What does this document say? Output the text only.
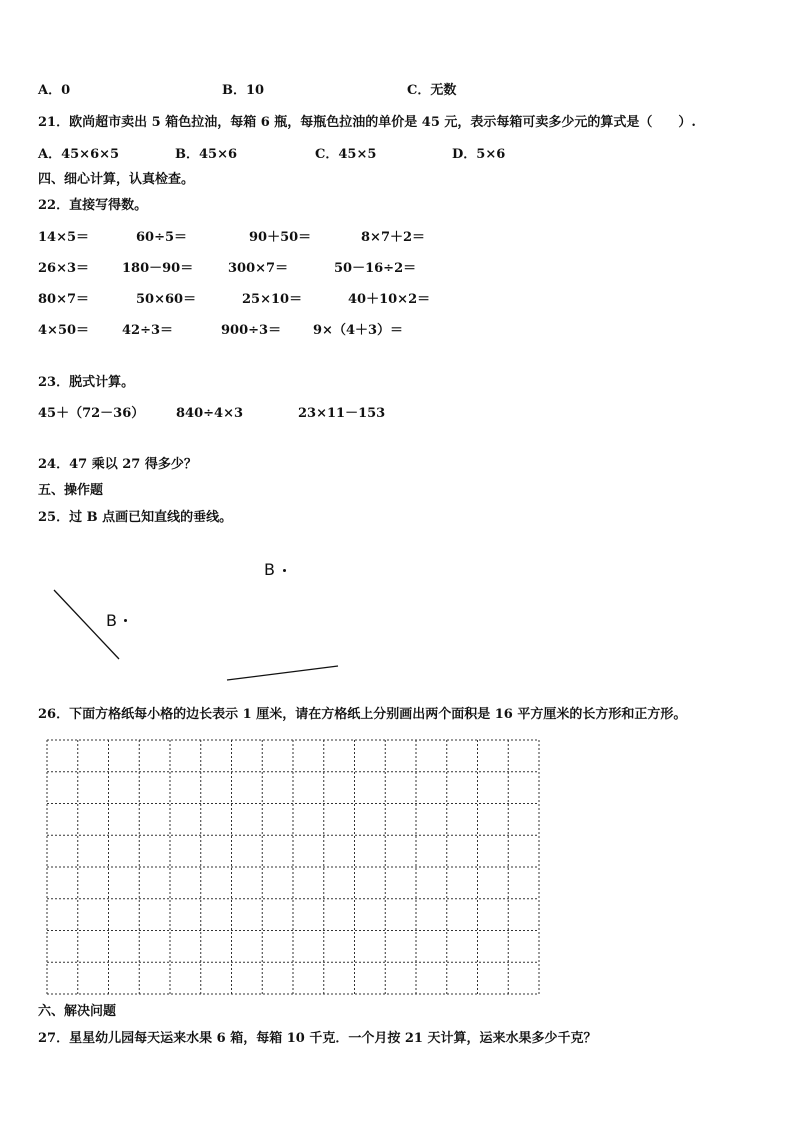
A．0	B．10	C．无数
21．欧尚超市卖出 5 箱色拉油，每箱 6 瓶，每瓶色拉油的单价是 45 元，表示每箱可卖多少元的算式是（　　）.
A．45×6×5	B．45×6	C．45×5	D．5×6
四、细心计算，认真检查。
22．直接写得数。
14×5＝	60÷5＝	90＋50＝	8×7＋2＝
26×3＝	180－90＝	300×7＝	50－16÷2＝
80×7＝	50×60＝	25×10＝	40＋10×2＝
4×50＝	42÷3＝	900÷3＝ 9×（4＋3）＝
23．脱式计算。
45＋（72－36） 840÷4×3	23×11－153
24．47 乘以 27 得多少？
五、操作题
25．过 B 点画已知直线的垂线。
B
B
26．下面方格纸每小格的边长表示 1 厘米，请在方格纸上分别画出两个面积是 16 平方厘米的长方形和正方形。
六、解决问题
27．星星幼儿园每天运来水果 6 箱，每箱 10 千克．一个月按 21 天计算，运来水果多少千克？
